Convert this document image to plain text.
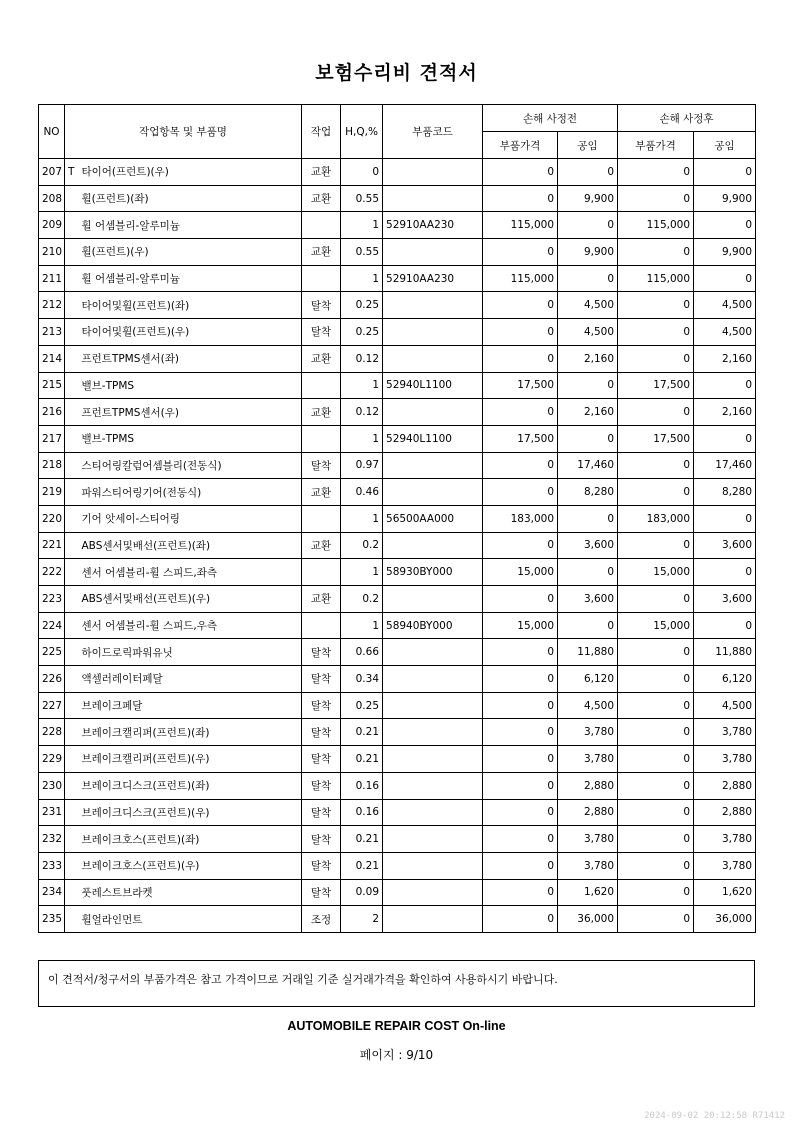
보험수리비 견적서
NO	작업항목 및 부품명		작업	H,Q,%	부품코드	손해 사정전		손해 사정후	
						부품가격	공임	부품가격	공임
207	T	타이어(프런트)(우)	교환	0		0	0	0	0
208		휠(프런트)(좌)	교환	0.55		0	9,900	0	9,900
209		휠 어셈블리-알루미늄		1	52910AA230	115,000	0	115,000	0
210		휠(프런트)(우)	교환	0.55		0	9,900	0	9,900
211		휠 어셈블리-알루미늄		1	52910AA230	115,000	0	115,000	0
212		타이어및휠(프런트)(좌)	탈착	0.25		0	4,500	0	4,500
213		타이어및휠(프런트)(우)	탈착	0.25		0	4,500	0	4,500
214		프런트TPMS센서(좌)	교환	0.12		0	2,160	0	2,160
215		밸브-TPMS		1	52940L1100	17,500	0	17,500	0
216		프런트TPMS센서(우)	교환	0.12		0	2,160	0	2,160
217		밸브-TPMS		1	52940L1100	17,500	0	17,500	0
218		스티어링칼럼어셈블리(전동식)	탈착	0.97		0	17,460	0	17,460
219		파워스티어링기어(전동식)	교환	0.46		0	8,280	0	8,280
220		기어 앗세이-스티어링		1	56500AA000	183,000	0	183,000	0
221		ABS센서및배선(프런트)(좌)	교환	0.2		0	3,600	0	3,600
222		센서 어셈블리-휠 스피드,좌측		1	58930BY000	15,000	0	15,000	0
223		ABS센서및배선(프런트)(우)	교환	0.2		0	3,600	0	3,600
224		센서 어셈블리-휠 스피드,우측		1	58940BY000	15,000	0	15,000	0
225		하이드로릭파워유닛	탈착	0.66		0	11,880	0	11,880
226		액셀러레이터페달	탈착	0.34		0	6,120	0	6,120
227		브레이크페달	탈착	0.25		0	4,500	0	4,500
228		브레이크캘리퍼(프런트)(좌)	탈착	0.21		0	3,780	0	3,780
229		브레이크캘리퍼(프런트)(우)	탈착	0.21		0	3,780	0	3,780
230		브레이크디스크(프런트)(좌)	탈착	0.16		0	2,880	0	2,880
231		브레이크디스크(프런트)(우)	탈착	0.16		0	2,880	0	2,880
232		브레이크호스(프런트)(좌)	탈착	0.21		0	3,780	0	3,780
233		브레이크호스(프런트)(우)	탈착	0.21		0	3,780	0	3,780
234		풋레스트브라켓	탈착	0.09		0	1,620	0	1,620
235		휠얼라인먼트	조정	2		0	36,000	0	36,000
이 견적서/청구서의 부품가격은 참고 가격이므로 거래일 기준 실거래가격을 확인하여 사용하시기 바랍니다.
AUTOMOBILE REPAIR COST On-line
페이지 : 9/10
2024-09-02 20:12:58 R71412
